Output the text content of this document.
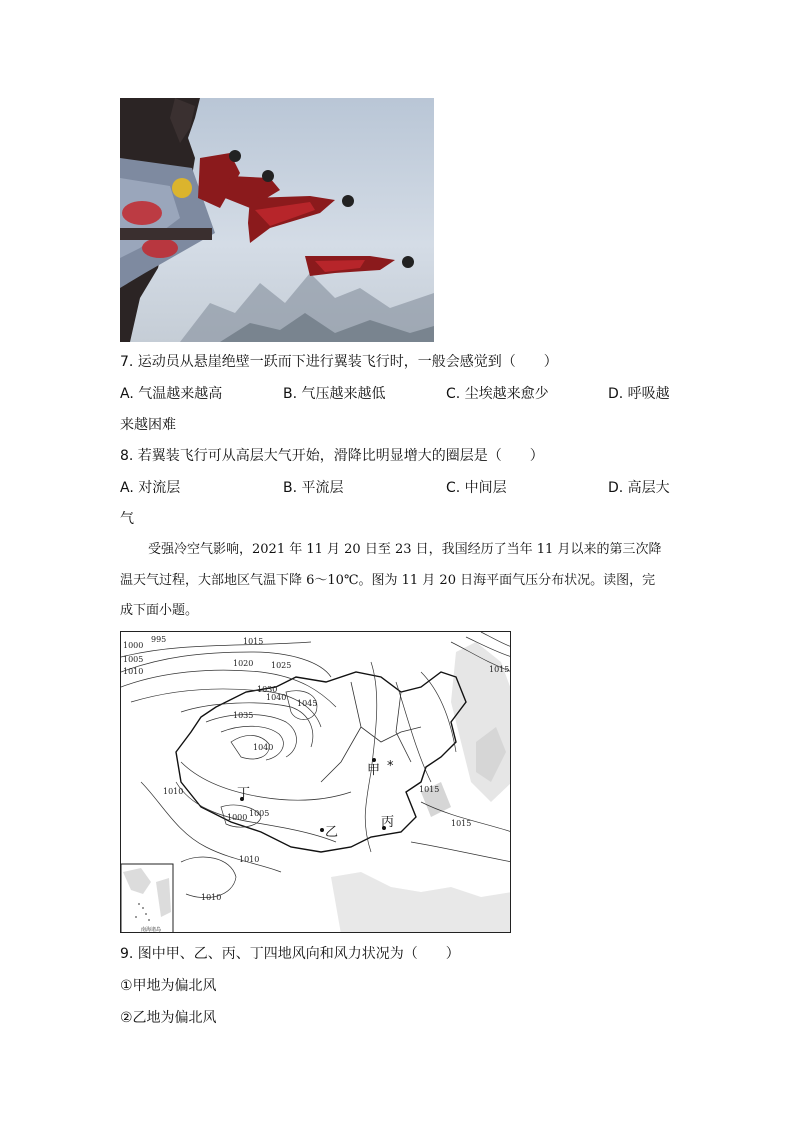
7. 运动员从悬崖绝壁一跃而下进行翼装飞行时，一般会感觉到（　　）
A. 气温越来越高	B. 气压越来越低	C. 尘埃越来愈少	D. 呼吸越
来越困难
8. 若翼装飞行可从高层大气开始，滑降比明显增大的圈层是（　　）
A. 对流层	B. 平流层	C. 中间层	D. 高层大
气
受强冷空气影响，2021 年 11 月 20 日至 23 日，我国经历了当年 11 月以来的第三次降
温天气过程，大部地区气温下降 6～10℃。图为 11 月 20 日海平面气压分布状况。读图，完
成下面小题。
995
1000
1005
1010
1015
1020 1025
1030
1035
1040
1045
1040
1010
1000 1005
1010
1010
1015
1015
1015
甲 *
乙
丙
丁
南海诸岛
9. 图中甲、乙、丙、丁四地风向和风力状况为（　　）
①甲地为偏北风
②乙地为偏北风
